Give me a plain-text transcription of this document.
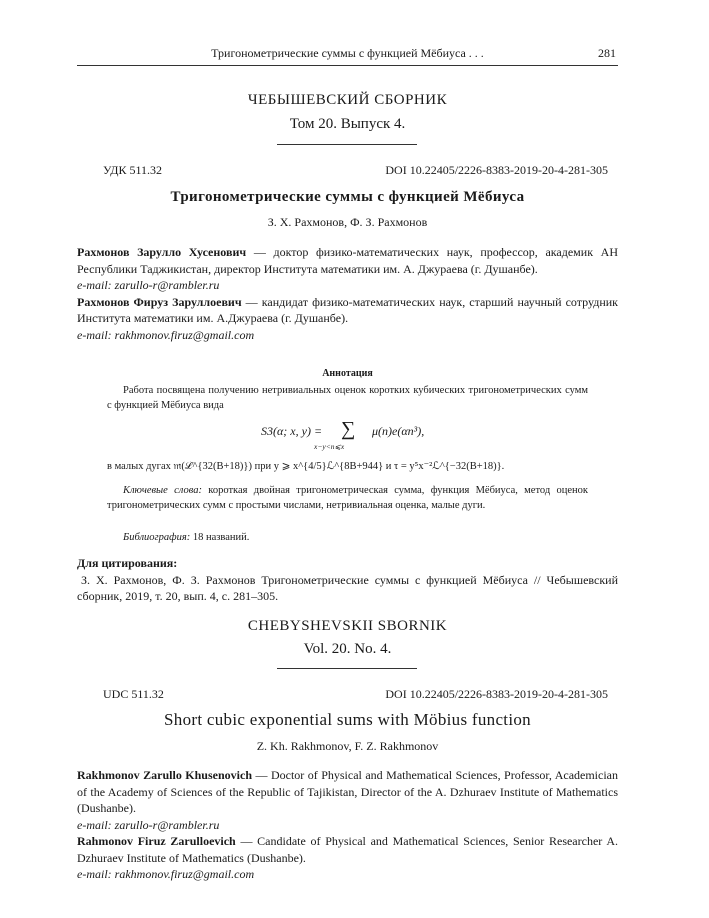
Тригонометрические суммы с функцией Мёбиуса . . .	281
ЧЕБЫШЕВСКИЙ СБОРНИК
Том 20. Выпуск 4.
УДК 511.32	DOI 10.22405/2226-8383-2019-20-4-281-305
Тригонометрические суммы с функцией Мёбиуса
З. Х. Рахмонов, Ф. З. Рахмонов
Рахмонов Зарулло Хусенович — доктор физико-математических наук, профессор, академик АН Республики Таджикистан, директор Института математики им. А. Джураева (г. Душанбе).
e-mail: zarullo-r@rambler.ru
Рахмонов Фируз Заруллоевич — кандидат физико-математических наук, старший научный сотрудник Института математики им. А.Джураева (г. Душанбе).
e-mail: rakhmonov.firuz@gmail.com
Аннотация
Работа посвящена получению нетривиальных оценок коротких кубических тригонометрических сумм с функцией Мёбиуса вида
S3(α; x, y) = ∑
x−y<n⩽x
μ(n)e(αn³),
в малых дугах 𝔪(ℒ^{32(B+18)}) при y ⩾ x^{4/5}ℒ^{8B+944} и τ = y⁵x⁻²ℒ^{−32(B+18)}.
Ключевые слова: короткая двойная тригонометрическая сумма, функция Мёбиуса, метод оценок тригонометрических сумм с простыми числами, нетривиальная оценка, малые дуги.
Библиография: 18 названий.
Для цитирования:
З. Х. Рахмонов, Ф. З. Рахмонов Тригонометрические суммы с функцией Мёбиуса // Чебышевский сборник, 2019, т. 20, вып. 4, с. 281–305.
CHEBYSHEVSKII SBORNIK
Vol. 20. No. 4.
UDC 511.32	DOI 10.22405/2226-8383-2019-20-4-281-305
Short cubic exponential sums with Möbius function
Z. Kh. Rakhmonov, F. Z. Rakhmonov
Rakhmonov Zarullo Khusenovich — Doctor of Physical and Mathematical Sciences, Professor, Academician of the Academy of Sciences of the Republic of Tajikistan, Director of the A. Dzhuraev Institute of Mathematics (Dushanbe).
e-mail: zarullo-r@rambler.ru
Rahmonov Firuz Zarulloevich — Candidate of Physical and Mathematical Sciences, Senior Researcher A. Dzhuraev Institute of Mathematics (Dushanbe).
e-mail: rakhmonov.firuz@gmail.com
